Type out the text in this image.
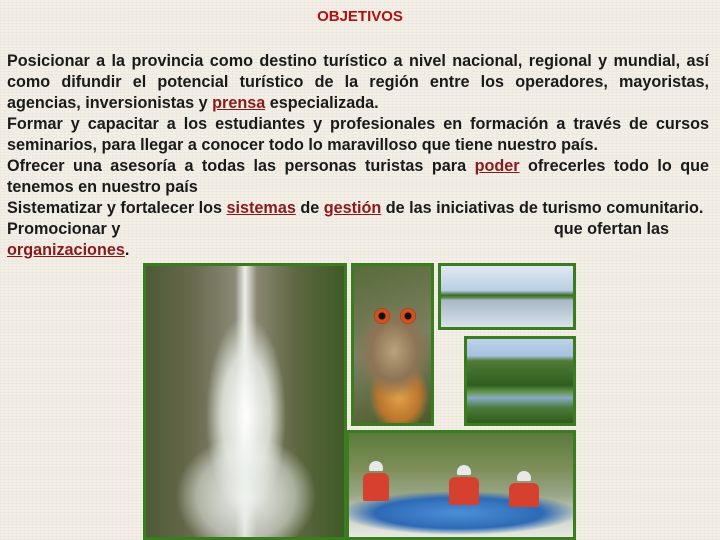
OBJETIVOS

Posicionar a la provincia como destino turístico a nivel nacional, regional y mundial, así como difundir el potencial turístico de la región entre los operadores, mayoristas, agencias, inversionistas y prensa especializada.

Formar y capacitar a los estudiantes y profesionales en formación a través de cursos seminarios, para llegar a conocer todo lo maravilloso que tiene nuestro país.

Ofrecer una asesoría a todas las personas turistas para poder ofrecerles todo lo que tenemos en nuestro país

Sistematizar y fortalecer los sistemas de gestión de las iniciativas de turismo comunitario.

Promocionar y	que ofertan las
organizaciones.
